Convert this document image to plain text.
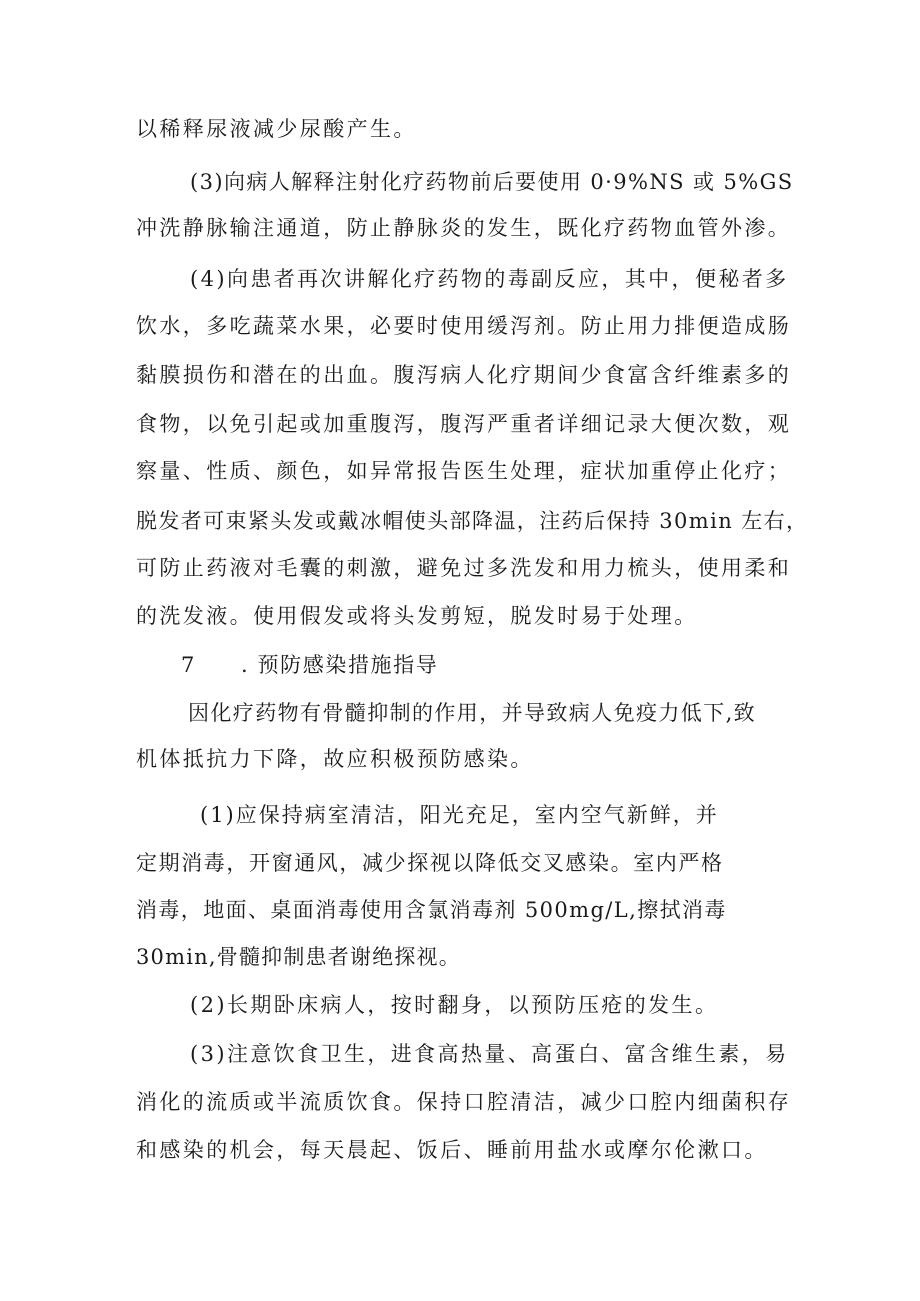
以稀释尿液减少尿酸产生。
(3)向病人解释注射化疗药物前后要使用 0·9%NS 或 5%GS
冲洗静脉输注通道，防止静脉炎的发生，既化疗药物血管外渗。
(4)向患者再次讲解化疗药物的毒副反应，其中，便秘者多
饮水，多吃蔬菜水果，必要时使用缓泻剂。防止用力排便造成肠
黏膜损伤和潜在的出血。腹泻病人化疗期间少食富含纤维素多的
食物，以免引起或加重腹泻，腹泻严重者详细记录大便次数，观
察量、性质、颜色，如异常报告医生处理，症状加重停止化疗；
脱发者可束紧头发或戴冰帽使头部降温，注药后保持 30min 左右，
可防止药液对毛囊的刺激，避免过多洗发和用力梳头，使用柔和
的洗发液。使用假发或将头发剪短，脱发时易于处理。
7 . 预防感染措施指导
因化疗药物有骨髓抑制的作用，并导致病人免疫力低下,致
机体抵抗力下降，故应积极预防感染。
(1)应保持病室清洁，阳光充足，室内空气新鲜，并
定期消毒，开窗通风，减少探视以降低交叉感染。室内严格
消毒，地面、桌面消毒使用含氯消毒剂 500mg/L,擦拭消毒
30min,骨髓抑制患者谢绝探视。
(2)长期卧床病人，按时翻身，以预防压疮的发生。
(3)注意饮食卫生，进食高热量、高蛋白、富含维生素，易
消化的流质或半流质饮食。保持口腔清洁，减少口腔内细菌积存
和感染的机会，每天晨起、饭后、睡前用盐水或摩尔伦漱口。
